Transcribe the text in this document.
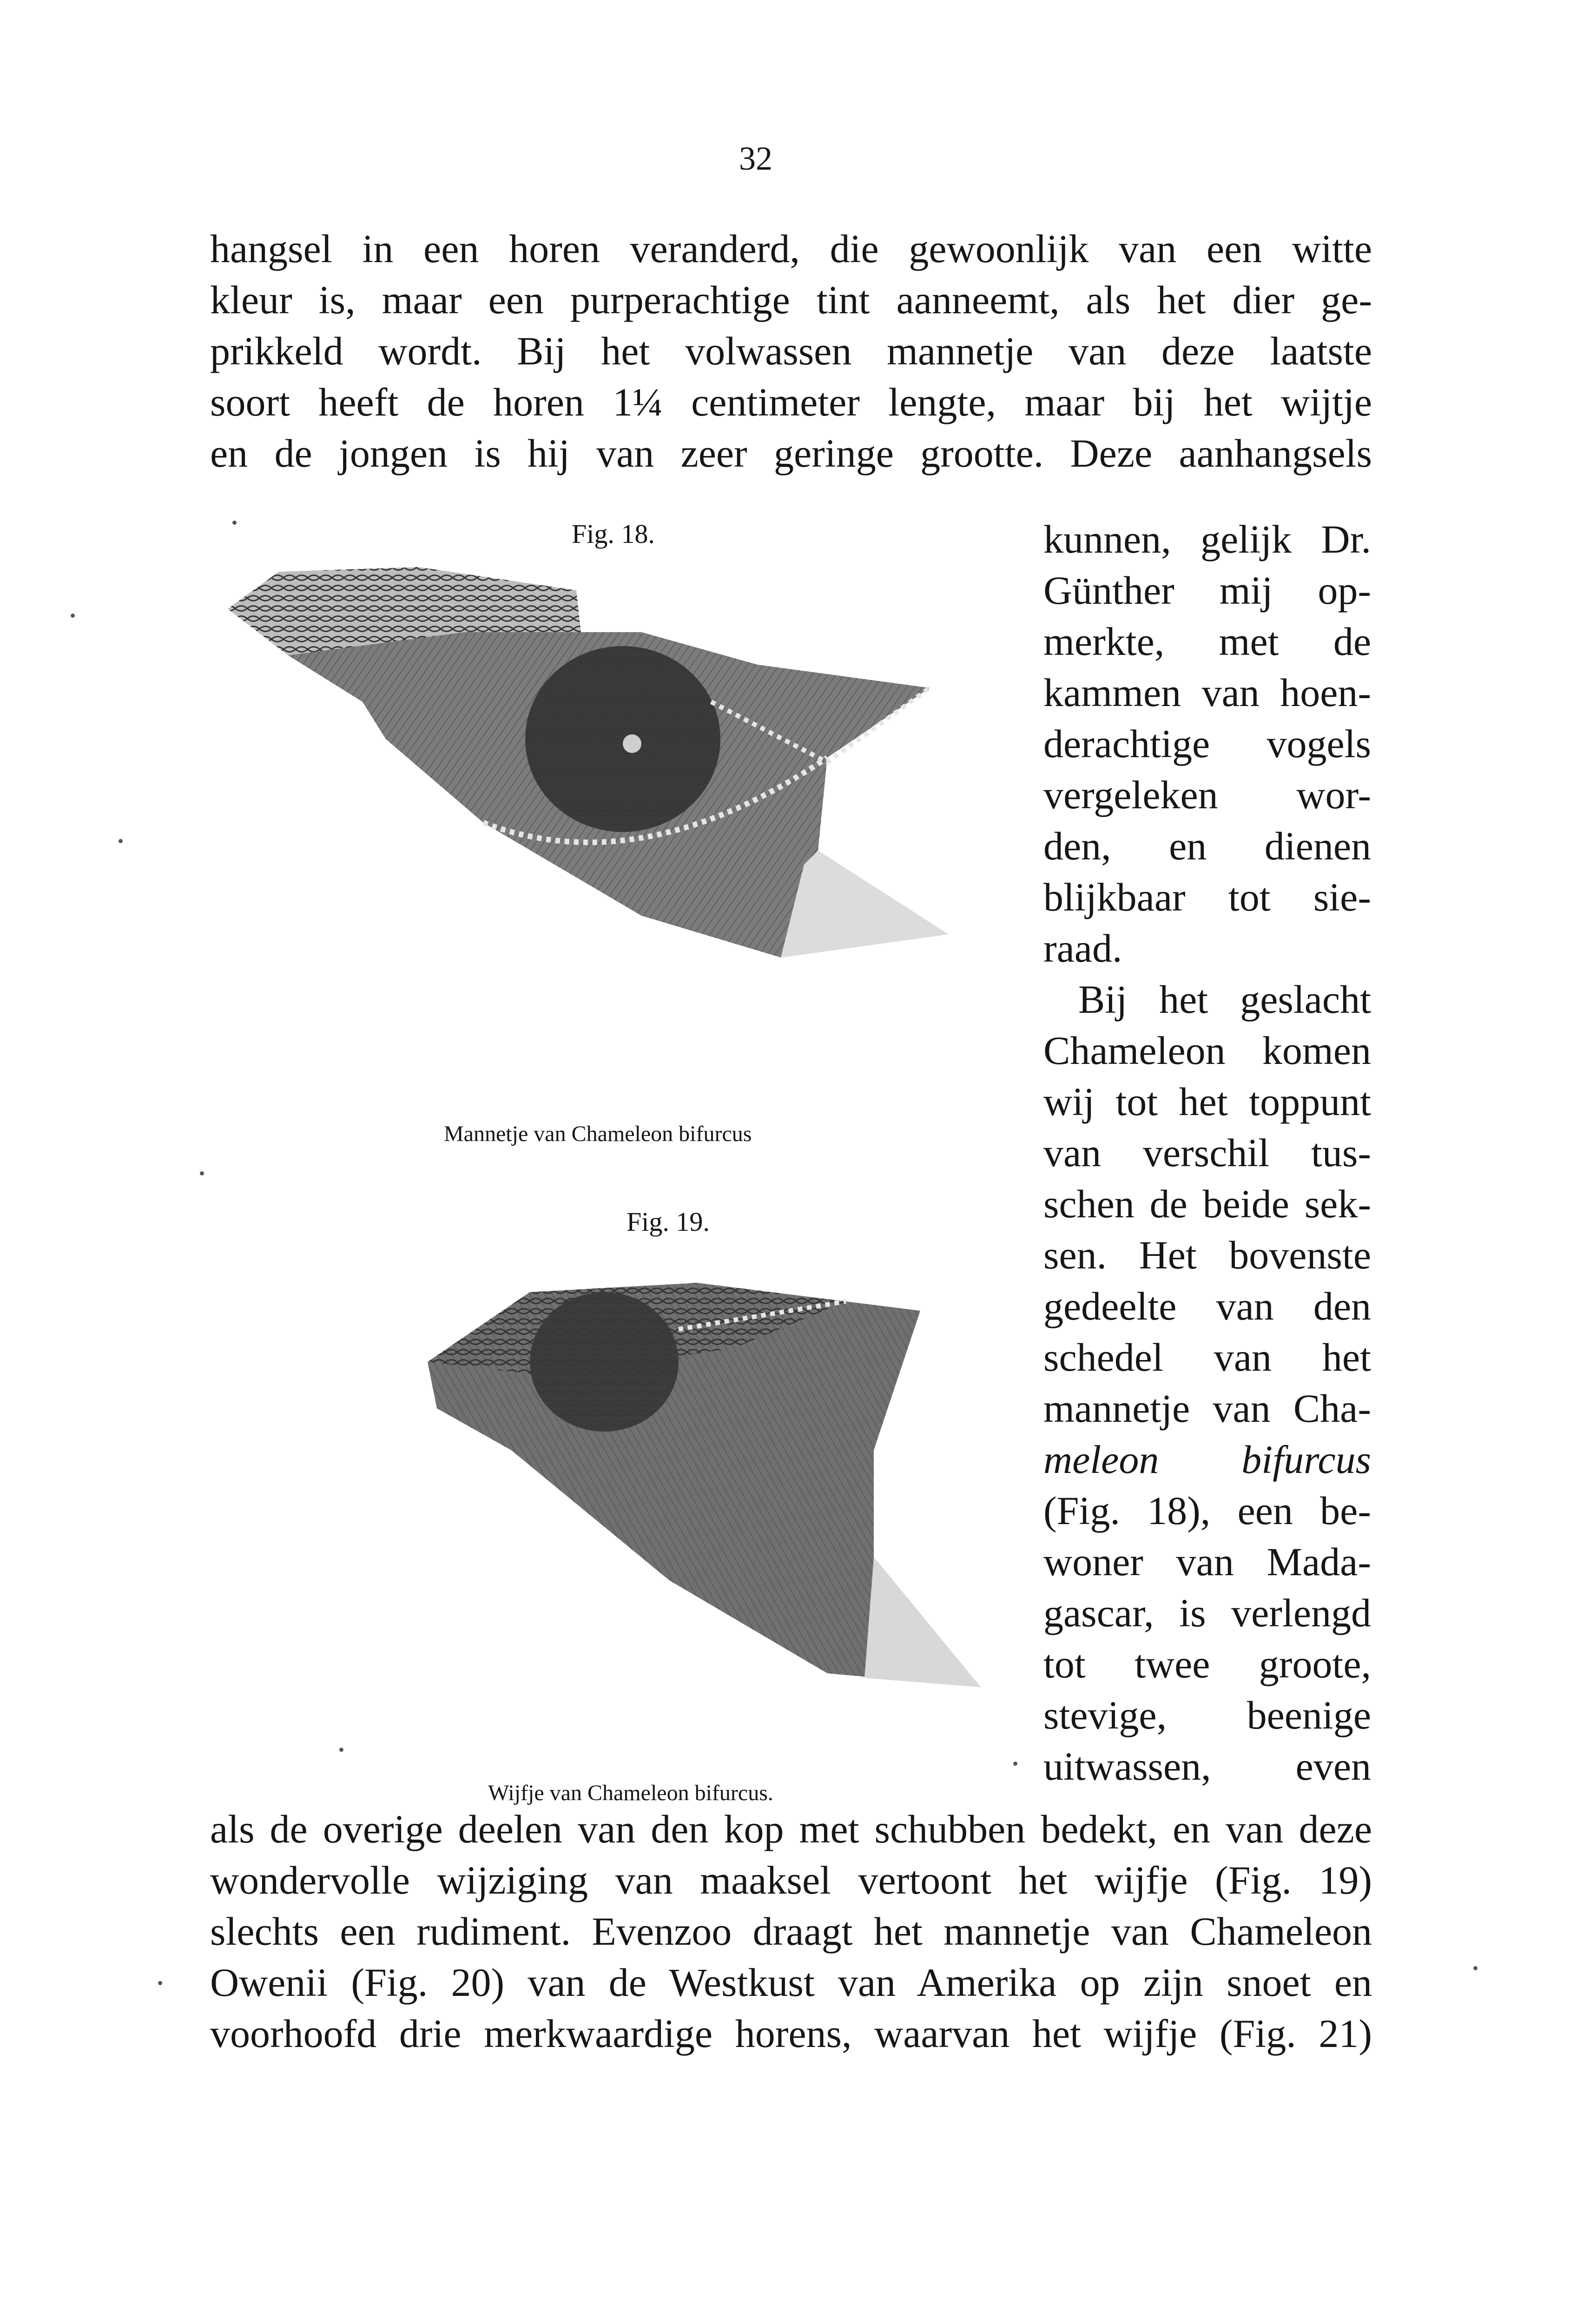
32

hangsel in een horen veranderd, die gewoonlijk van een witte

kleur is, maar een purperachtige tint aanneemt, als het dier ge-

prikkeld wordt. Bij het volwassen mannetje van deze laatste

soort heeft de horen 1¼ centimeter lengte, maar bij het wijtje

en de jongen is hij van zeer geringe grootte. Deze aanhangsels

Fig. 18.
Mannetje van Chameleon bifurcus
Fig. 19.
Wijfje van Chameleon bifurcus.

kunnen, gelijk Dr.

Günther mij op-

merkte, met de

kammen van hoen-

derachtige vogels

vergeleken wor-

den, en dienen

blijkbaar tot sie-

raad.

Bij het geslacht

Chameleon komen

wij tot het toppunt

van verschil tus-

schen de beide sek-

sen. Het bovenste

gedeelte van den

schedel van het

mannetje van Cha-

meleon bifurcus

(Fig. 18), een be-

woner van Mada-

gascar, is verlengd

tot twee groote,

stevige, beenige

uitwassen, even

als de overige deelen van den kop met schubben bedekt, en van deze

wondervolle wijziging van maaksel vertoont het wijfje (Fig. 19)

slechts een rudiment. Evenzoo draagt het mannetje van Chameleon

Owenii (Fig. 20) van de Westkust van Amerika op zijn snoet en

voorhoofd drie merkwaardige horens, waarvan het wijfje (Fig. 21)
